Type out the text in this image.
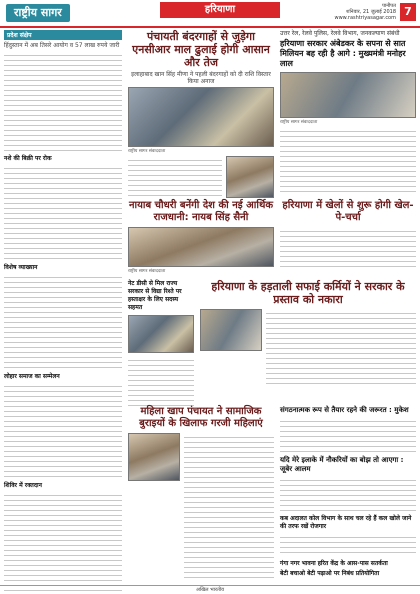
राष्ट्रीय सागर	हरियाणा	पानीपत
शनिवार, 21 जुलाई 2018
www.rashtriyasagar.com 7
प्रदेश संक्षेप
हिंदुस्तान में अब तिसरे आयोग व 57 लाख रुपये जारी
नशे की बिक्री पर रोक
विशेष व्याख्यान
लोहार समाज का सम्मेलन
शिविर में रक्तदान
पंचायती बंदरगाहों से जुड़ेगा एनसीआर माल ढुलाई होगी आसान और तेज
इलाहाबाद खान सिंह मीणा ने पहली बंदरगाहों को दी राशि विस्तार किया अनाज
राष्ट्रीय सागर संवाददाता
उत्तर रेल, रेलवे पुलिस, रेलवे विभाग, जनकल्याण संबंधी
हरियाणा सरकार अंबेडकर के सपना से सात मिलियन बह रही है आगे : मुख्यमंत्री मनोहर लाल
राष्ट्रीय सागर संवाददाता
नायाब चौधरी बनेंगी देश की नई आर्थिक राजधानी: नायब सिंह सैनी
राष्ट्रीय सागर संवाददाता
हरियाणा में खेलों से शुरू होगी खेल-पे-चर्चा
नेट डीसी से मिल राज्य सरकार से विद्या रिश्ते पर हस्ताक्षर के लिए सदस्य सहमत
हरियाणा के हड़ताली सफाई कर्मियों ने सरकार के प्रस्ताव को नकारा
महिला खाप पंचायत ने सामाजिक बुराइयों के खिलाफ गरजी महिलाएं
संगठनात्मक रूप से तैयार रहने की जरूरत : मुकेश
यदि मेरे इलाके में नौकरियों का बोझ तो आएगा : जूबेर आलम
कब अदालत कोल विभाग के साथ चल रहे हैं कल खोले जाने की तरफ रखें रोजगार
गंगा नगर भावना हरित केंद्र के आस-पास सतर्कता
बेटी बचाओ बेटी पढ़ाओ पर निबंध प्रतियोगिता
अखिल भारतीय
